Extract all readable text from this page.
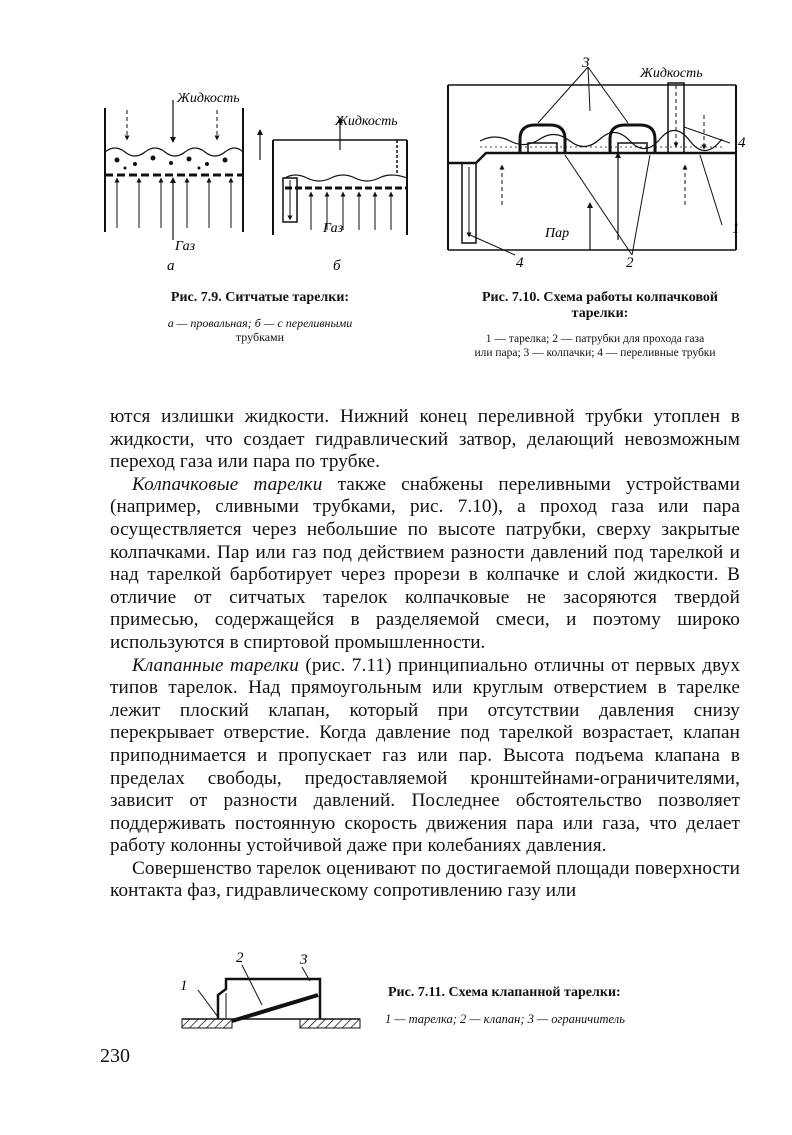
Жидкость
Жидкость
Газ
Газ
а	б
Рис. 7.9. Ситчатые тарелки:
а — провальная; б — с переливными
трубками
3
Жидкость
4
1
Пар
4	2
Рис. 7.10. Схема работы колпачковой
тарелки:
1 — тарелка; 2 — патрубки для прохода газа
или пара; 3 — колпачки; 4 — переливные трубки

ются излишки жидкости. Нижний конец переливной трубки утоплен в жидкости, что создает гидравлический затвор, делающий невозможным переход газа или пара по трубке.

Колпачковые тарелки также снабжены переливными устройствами (например, сливными трубками, рис. 7.10), а проход газа или пара осуществляется через небольшие по высоте патрубки, сверху закрытые колпачками. Пар или газ под действием разности давлений под тарелкой и над тарелкой барботирует через прорези в колпачке и слой жидкости. В отличие от ситчатых тарелок колпачковые не засоряются твердой примесью, содержащейся в разделяемой смеси, и поэтому широко используются в спиртовой промышленности.

Клапанные тарелки (рис. 7.11) принципиально отличны от первых двух типов тарелок. Над прямоугольным или круглым отверстием в тарелке лежит плоский клапан, который при отсутствии давления снизу перекрывает отверстие. Когда давление под тарелкой возрастает, клапан приподнимается и пропускает газ или пар. Высота подъема клапана в пределах свободы, предоставляемой кронштейнами-ограничителями, зависит от разности давлений. Последнее обстоятельство позволяет поддерживать постоянную скорость движения пара или газа, что делает работу колонны устойчивой даже при колебаниях давления.

Совершенство тарелок оценивают по достигаемой площади поверхности контакта фаз, гидравлическому сопротивлению газу или

1
2	3
Рис. 7.11. Схема клапанной тарелки:
1 — тарелка; 2 — клапан; 3 — ограничитель
230
